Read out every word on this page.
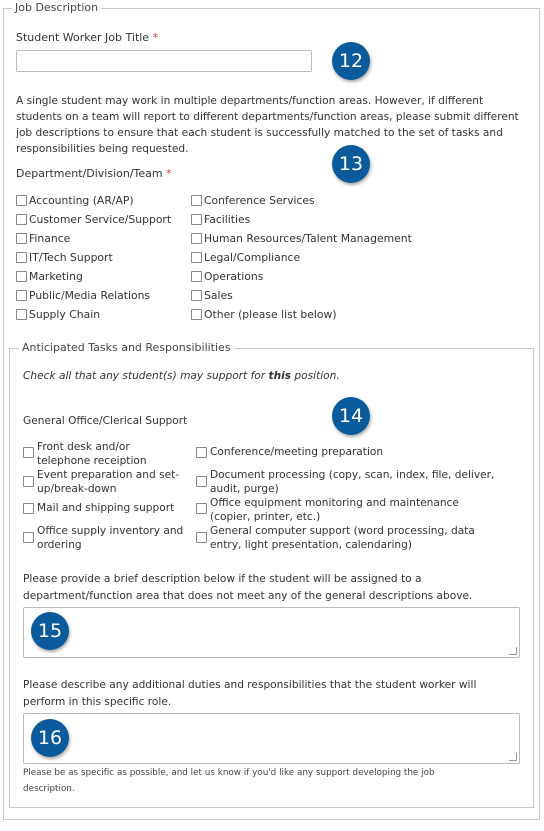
Job Description
Student Worker Job Title *
A single student may work in multiple departments/function areas. However, if different students on a team will report to different departments/function areas, please submit different job descriptions to ensure that each student is successfully matched to the set of tasks and responsibilities being requested.
Department/Division/Team *
Accounting (AR/AP)
Customer Service/Support
Finance
IT/Tech Support
Marketing
Public/Media Relations
Supply Chain
Conference Services
Facilities
Human Resources/Talent Management
Legal/Compliance
Operations
Sales
Other (please list below)
Anticipated Tasks and Responsibilities
Check all that any student(s) may support for this position.
General Office/Clerical Support
Front desk and/or
telephone receiption
Event preparation and set-
up/break-down
Mail and shipping support
Office supply inventory and
ordering
Conference/meeting preparation
Document processing (copy, scan, index, file, deliver,
audit, purge)
Office equipment monitoring and maintenance
(copier, printer, etc.)
General computer support (word processing, data
entry, light presentation, calendaring)
Please provide a brief description below if the student will be assigned to a
department/function area that does not meet any of the general descriptions above.
Please describe any additional duties and responsibilities that the student worker will
perform in this specific role.
Please be as specific as possible, and let us know if you'd like any support developing the job
description.
12
13
14
15
16
